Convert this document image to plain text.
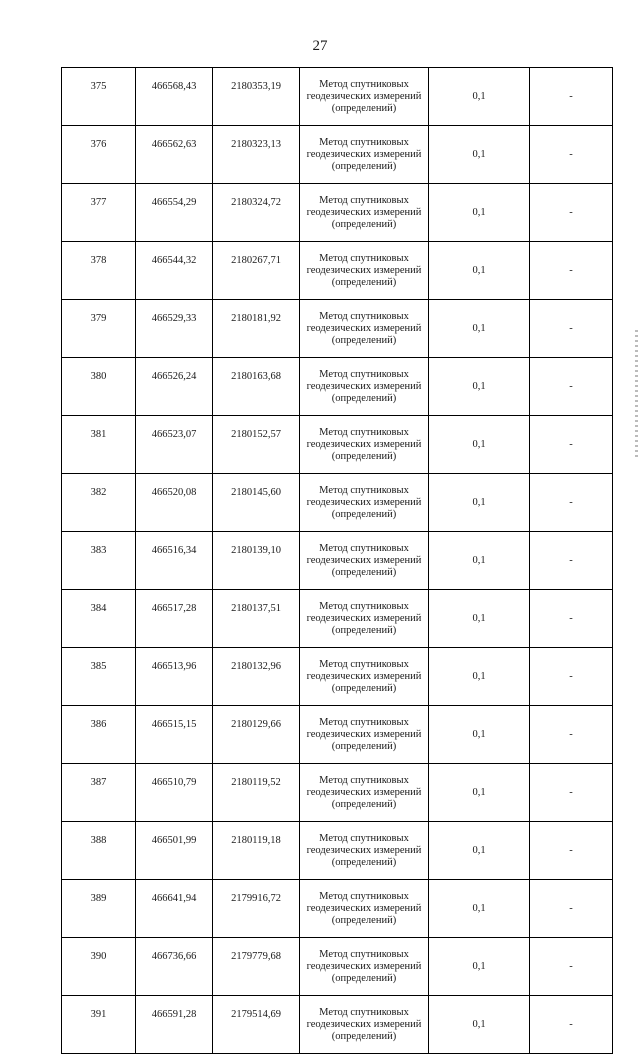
27
375	466568,43	2180353,19	Метод спутниковых геодезических измерений (определений)	0,1	-
376	466562,63	2180323,13	Метод спутниковых геодезических измерений (определений)	0,1	-
377	466554,29	2180324,72	Метод спутниковых геодезических измерений (определений)	0,1	-
378	466544,32	2180267,71	Метод спутниковых геодезических измерений (определений)	0,1	-
379	466529,33	2180181,92	Метод спутниковых геодезических измерений (определений)	0,1	-
380	466526,24	2180163,68	Метод спутниковых геодезических измерений (определений)	0,1	-
381	466523,07	2180152,57	Метод спутниковых геодезических измерений (определений)	0,1	-
382	466520,08	2180145,60	Метод спутниковых геодезических измерений (определений)	0,1	-
383	466516,34	2180139,10	Метод спутниковых геодезических измерений (определений)	0,1	-
384	466517,28	2180137,51	Метод спутниковых геодезических измерений (определений)	0,1	-
385	466513,96	2180132,96	Метод спутниковых геодезических измерений (определений)	0,1	-
386	466515,15	2180129,66	Метод спутниковых геодезических измерений (определений)	0,1	-
387	466510,79	2180119,52	Метод спутниковых геодезических измерений (определений)	0,1	-
388	466501,99	2180119,18	Метод спутниковых геодезических измерений (определений)	0,1	-
389	466641,94	2179916,72	Метод спутниковых геодезических измерений (определений)	0,1	-
390	466736,66	2179779,68	Метод спутниковых геодезических измерений (определений)	0,1	-
391	466591,28	2179514,69	Метод спутниковых геодезических измерений (определений)	0,1	-
